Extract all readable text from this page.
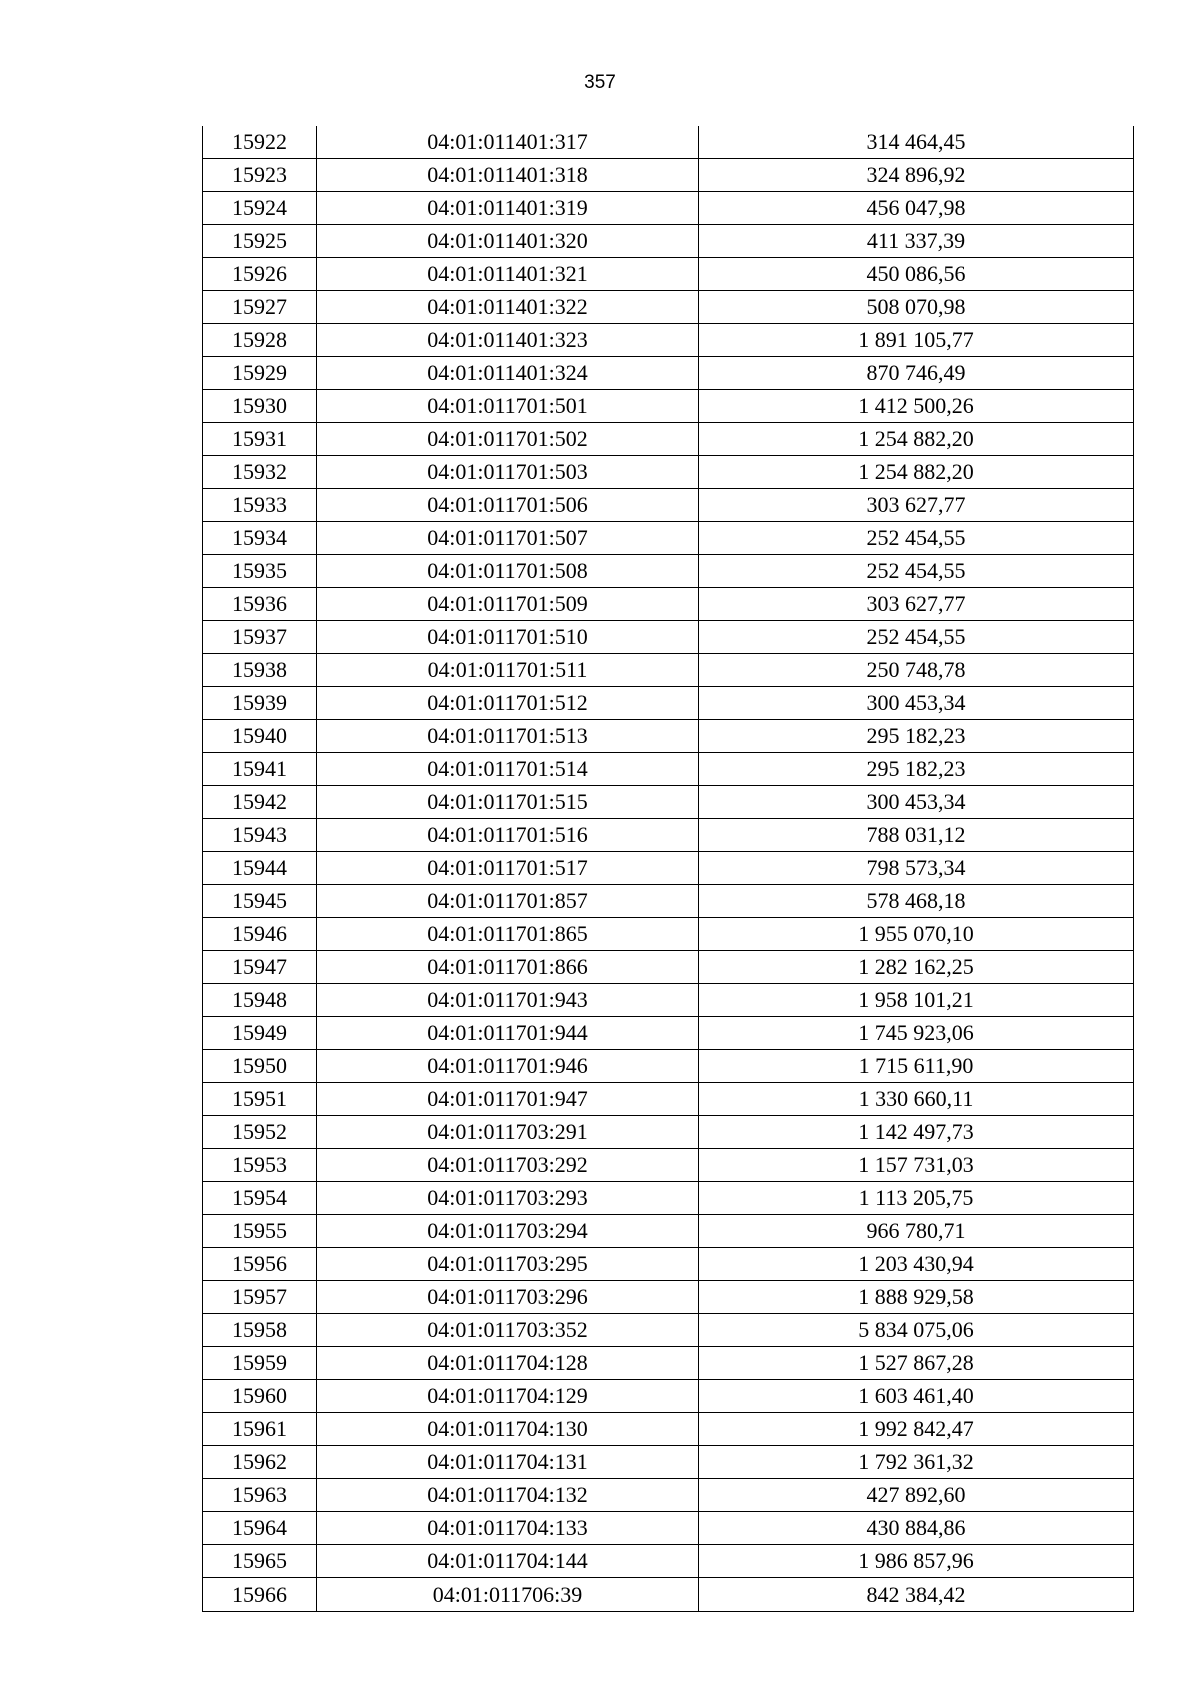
357
15922	04:01:011401:317	314 464,45
15923	04:01:011401:318	324 896,92
15924	04:01:011401:319	456 047,98
15925	04:01:011401:320	411 337,39
15926	04:01:011401:321	450 086,56
15927	04:01:011401:322	508 070,98
15928	04:01:011401:323	1 891 105,77
15929	04:01:011401:324	870 746,49
15930	04:01:011701:501	1 412 500,26
15931	04:01:011701:502	1 254 882,20
15932	04:01:011701:503	1 254 882,20
15933	04:01:011701:506	303 627,77
15934	04:01:011701:507	252 454,55
15935	04:01:011701:508	252 454,55
15936	04:01:011701:509	303 627,77
15937	04:01:011701:510	252 454,55
15938	04:01:011701:511	250 748,78
15939	04:01:011701:512	300 453,34
15940	04:01:011701:513	295 182,23
15941	04:01:011701:514	295 182,23
15942	04:01:011701:515	300 453,34
15943	04:01:011701:516	788 031,12
15944	04:01:011701:517	798 573,34
15945	04:01:011701:857	578 468,18
15946	04:01:011701:865	1 955 070,10
15947	04:01:011701:866	1 282 162,25
15948	04:01:011701:943	1 958 101,21
15949	04:01:011701:944	1 745 923,06
15950	04:01:011701:946	1 715 611,90
15951	04:01:011701:947	1 330 660,11
15952	04:01:011703:291	1 142 497,73
15953	04:01:011703:292	1 157 731,03
15954	04:01:011703:293	1 113 205,75
15955	04:01:011703:294	966 780,71
15956	04:01:011703:295	1 203 430,94
15957	04:01:011703:296	1 888 929,58
15958	04:01:011703:352	5 834 075,06
15959	04:01:011704:128	1 527 867,28
15960	04:01:011704:129	1 603 461,40
15961	04:01:011704:130	1 992 842,47
15962	04:01:011704:131	1 792 361,32
15963	04:01:011704:132	427 892,60
15964	04:01:011704:133	430 884,86
15965	04:01:011704:144	1 986 857,96
15966	04:01:011706:39	842 384,42
